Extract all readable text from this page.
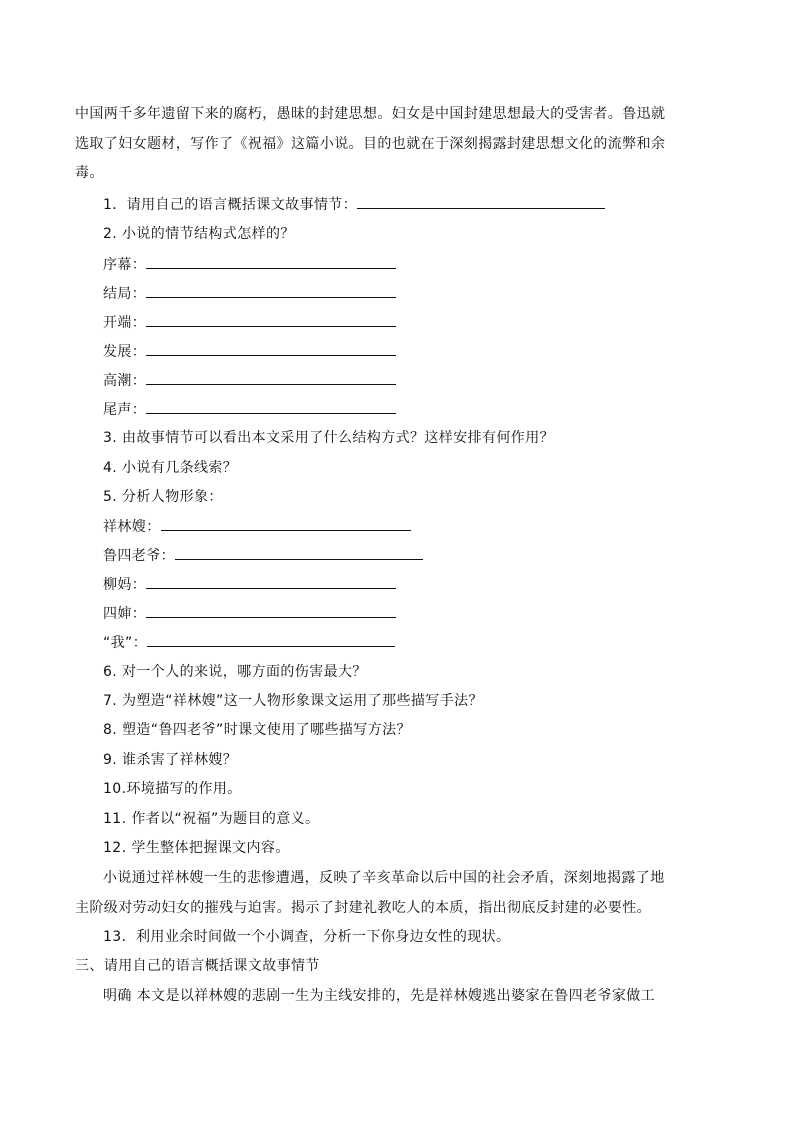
中国两千多年遗留下来的腐朽，愚昧的封建思想。妇女是中国封建思想最大的受害者。鲁迅就
选取了妇女题材，写作了《祝福》这篇小说。目的也就在于深刻揭露封建思想文化的流弊和余
毒。
1．请用自己的语言概括课文故事情节：
2. 小说的情节结构式怎样的？
序幕：
结局：
开端：
发展：
高潮：
尾声：
3. 由故事情节可以看出本文采用了什么结构方式？这样安排有何作用？
4. 小说有几条线索？
5. 分析人物形象：
祥林嫂：
鲁四老爷：
柳妈：
四婶：
“我”：
6. 对一个人的来说，哪方面的伤害最大？
7. 为塑造“祥林嫂”这一人物形象课文运用了那些描写手法？
8. 塑造“鲁四老爷”时课文使用了哪些描写方法？
9. 谁杀害了祥林嫂？
10.环境描写的作用。
11. 作者以“祝福”为题目的意义。
12. 学生整体把握课文内容。
小说通过祥林嫂一生的悲惨遭遇，反映了辛亥革命以后中国的社会矛盾，深刻地揭露了地
主阶级对劳动妇女的摧残与迫害。揭示了封建礼教吃人的本质，指出彻底反封建的必要性。
13．利用业余时间做一个小调查，分析一下你身边女性的现状。
三、请用自己的语言概括课文故事情节
明确 本文是以祥林嫂的悲剧一生为主线安排的，先是祥林嫂逃出婆家在鲁四老爷家做工
